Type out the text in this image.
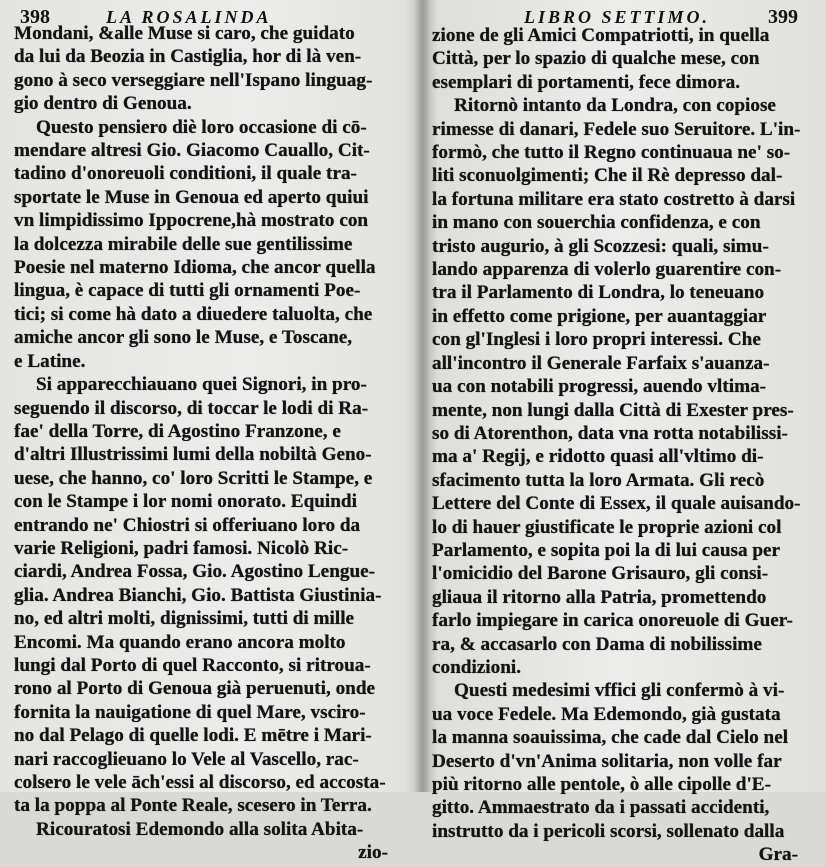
398	LA ROSALINDA
Mondani, &alle Muse si caro, che guidato
da lui da Beozia in Castiglia, hor di là ven-
gono à seco verseggiare nell'Ispano linguag-
gio dentro di Genoua.
Questo pensiero diè loro occasione di cō-
mendare altresi Gio. Giacomo Cauallo, Cit-
tadino d'onoreuoli conditioni, il quale tra-
sportate le Muse in Genoua ed aperto quiui
vn limpidissimo Ippocrene,hà mostrato con
la dolcezza mirabile delle sue gentilissime
Poesie nel materno Idioma, che ancor quella
lingua, è capace di tutti gli ornamenti Poe-
tici; si come hà dato a diuedere taluolta, che
amiche ancor gli sono le Muse, e Toscane,
e Latine.
Si apparecchiauano quei Signori, in pro-
seguendo il discorso, di toccar le lodi di Ra-
fae' della Torre, di Agostino Franzone, e
d'altri Illustrissimi lumi della nobiltà Geno-
uese, che hanno, co' loro Scritti le Stampe, e
con le Stampe i lor nomi onorato. Equindi
entrando ne' Chiostri si offeriuano loro da
varie Religioni, padri famosi. Nicolò Ric-
ciardi, Andrea Fossa, Gio. Agostino Lengue-
glia. Andrea Bianchi, Gio. Battista Giustinia-
no, ed altri molti, dignissimi, tutti di mille
Encomi. Ma quando erano ancora molto
lungi dal Porto di quel Racconto, si ritroua-
rono al Porto di Genoua già peruenuti, onde
fornita la nauigatione di quel Mare, vsciro-
no dal Pelago di quelle lodi. E mētre i Mari-
nari raccoglieuano lo Vele al Vascello, rac-
colsero le vele āch'essi al discorso, ed accosta-
ta la poppa al Ponte Reale, scesero in Terra.
Ricouratosi Edemondo alla solita Abita-
zio-
LIBRO SETTIMO.	399
zione de gli Amici Compatriotti, in quella
Città, per lo spazio di qualche mese, con
esemplari di portamenti, fece dimora.
Ritornò intanto da Londra, con copiose
rimesse di danari, Fedele suo Seruitore. L'in-
formò, che tutto il Regno continuaua ne' so-
liti sconuolgimenti; Che il Rè depresso dal-
la fortuna militare era stato costretto à darsi
in mano con souerchia confidenza, e con
tristo augurio, à gli Scozzesi: quali, simu-
lando apparenza di volerlo guarentire con-
tra il Parlamento di Londra, lo teneuano
in effetto come prigione, per auantaggiar
con gl'Inglesi i loro propri interessi. Che
all'incontro il Generale Farfaix s'auanza-
ua con notabili progressi, auendo vltima-
mente, non lungi dalla Città di Exester pres-
so di Atorenthon, data vna rotta notabilissi-
ma a' Regij, e ridotto quasi all'vltimo di-
sfacimento tutta la loro Armata. Gli recò
Lettere del Conte di Essex, il quale auisando-
lo di hauer giustificate le proprie azioni col
Parlamento, e sopita poi la di lui causa per
l'omicidio del Barone Grisauro, gli consi-
gliaua il ritorno alla Patria, promettendo
farlo impiegare in carica onoreuole di Guer-
ra, & accasarlo con Dama di nobilissime
condizioni.
Questi medesimi vffici gli confermò à vi-
ua voce Fedele. Ma Edemondo, già gustata
la manna soauissima, che cade dal Cielo nel
Deserto d'vn'Anima solitaria, non volle far
più ritorno alle pentole, ò alle cipolle d'E-
gitto. Ammaestrato da i passati accidenti,
instrutto da i pericoli scorsi, sollenato dalla
Gra-
